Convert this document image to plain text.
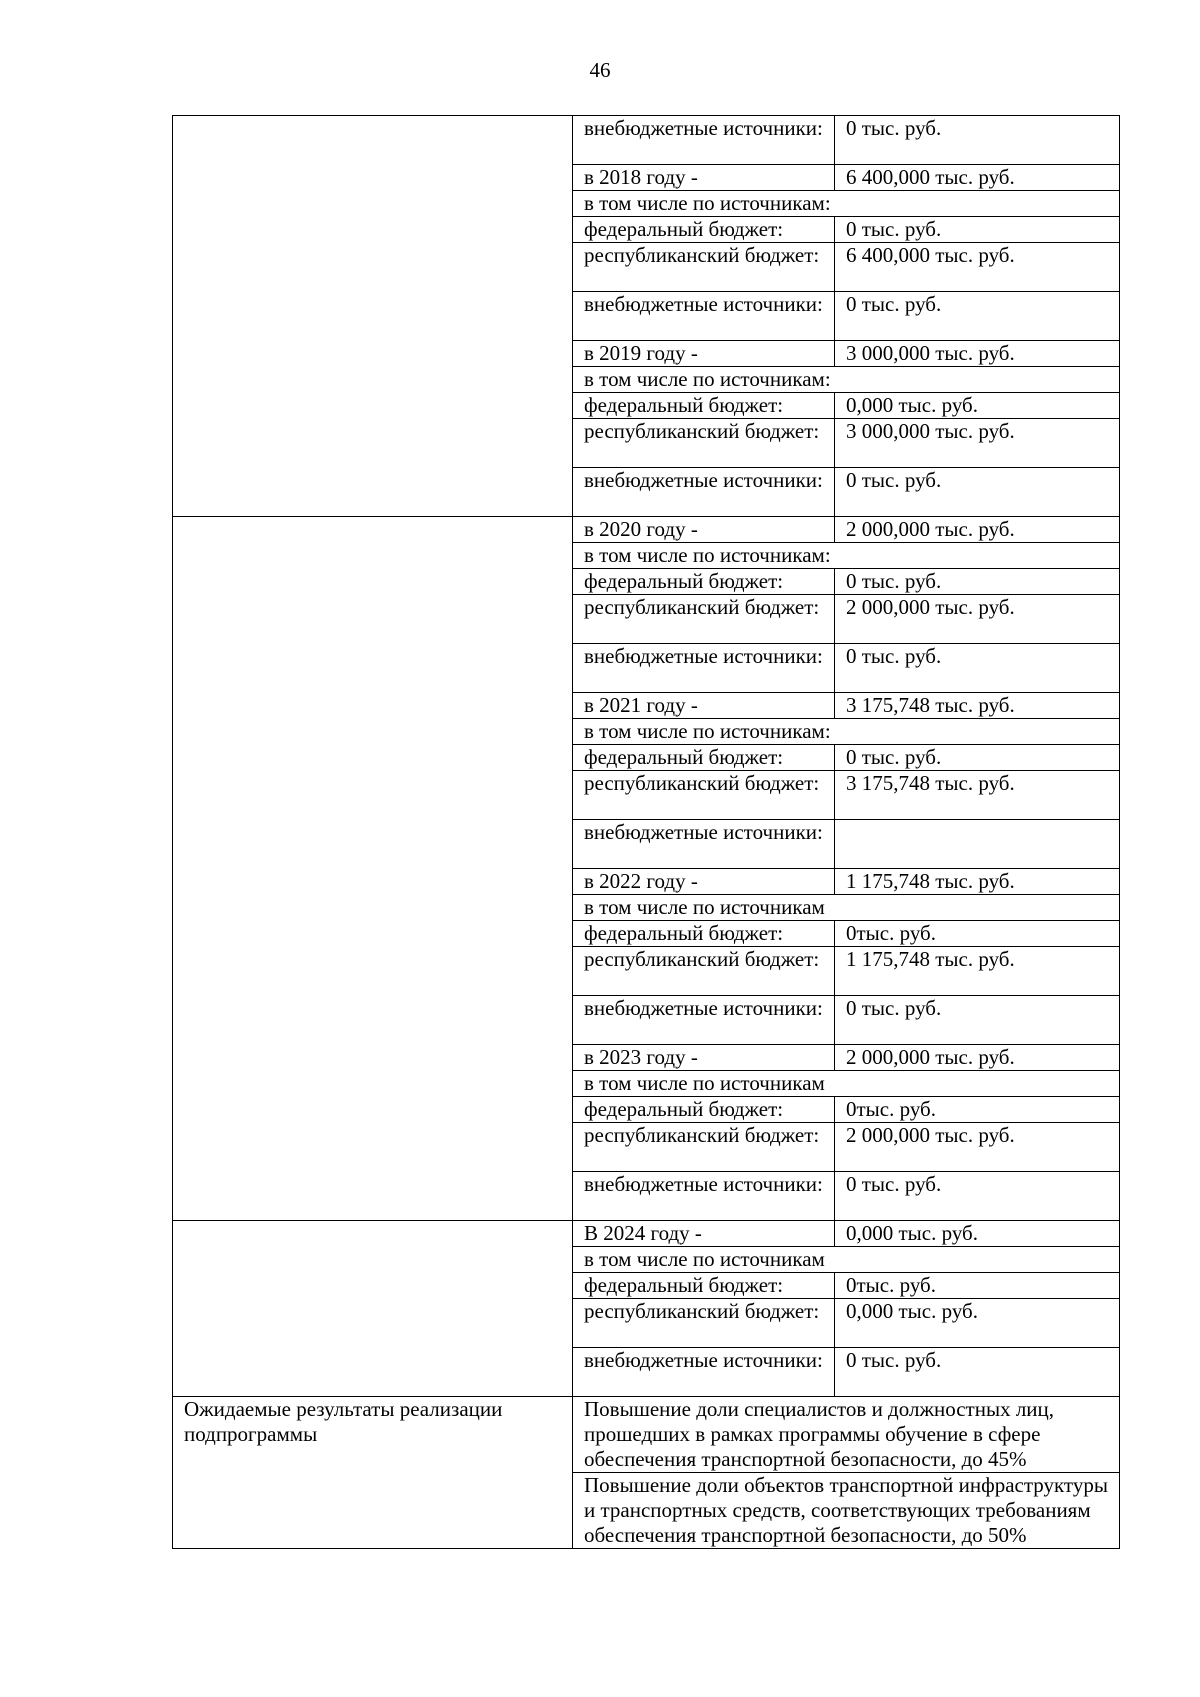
46
	внебюджетные источники:	0 тыс. руб.
	в 2018 году -	6 400,000 тыс. руб.
	в том числе по источникам:	
	федеральный бюджет:	0 тыс. руб.
	республиканский бюджет:	6 400,000 тыс. руб.
	внебюджетные источники:	0 тыс. руб.
	в 2019 году -	3 000,000 тыс. руб.
	в том числе по источникам:	
	федеральный бюджет:	0,000 тыс. руб.
	республиканский бюджет:	3 000,000 тыс. руб.
	внебюджетные источники:	0 тыс. руб.
	в 2020 году -	2 000,000 тыс. руб.
	в том числе по источникам:	
	федеральный бюджет:	0 тыс. руб.
	республиканский бюджет:	2 000,000 тыс. руб.
	внебюджетные источники:	0 тыс. руб.
	в 2021 году -	3 175,748 тыс. руб.
	в том числе по источникам:	
	федеральный бюджет:	0 тыс. руб.
	республиканский бюджет:	3 175,748 тыс. руб.
	внебюджетные источники:	
	в 2022 году -	1 175,748 тыс. руб.
	в том числе по источникам	
	федеральный бюджет:	0тыс. руб.
	республиканский бюджет:	1 175,748 тыс. руб.
	внебюджетные источники:	0 тыс. руб.
	в 2023 году -	2 000,000 тыс. руб.
	в том числе по источникам	
	федеральный бюджет:	0тыс. руб.
	республиканский бюджет:	2 000,000 тыс. руб.
	внебюджетные источники:	0 тыс. руб.
	В 2024 году -	0,000 тыс. руб.
	в том числе по источникам	
	федеральный бюджет:	0тыс. руб.
	республиканский бюджет:	0,000 тыс. руб.
	внебюджетные источники:	0 тыс. руб.
Ожидаемые результаты реализации подпрограммы	Повышение доли специалистов и должностных лиц, прошедших в рамках программы обучение в сфере обеспечения транспортной безопасности, до 45%	
	Повышение доли объектов транспортной инфраструктуры и транспортных средств, соответствующих требованиям обеспечения транспортной безопасности, до 50%	
